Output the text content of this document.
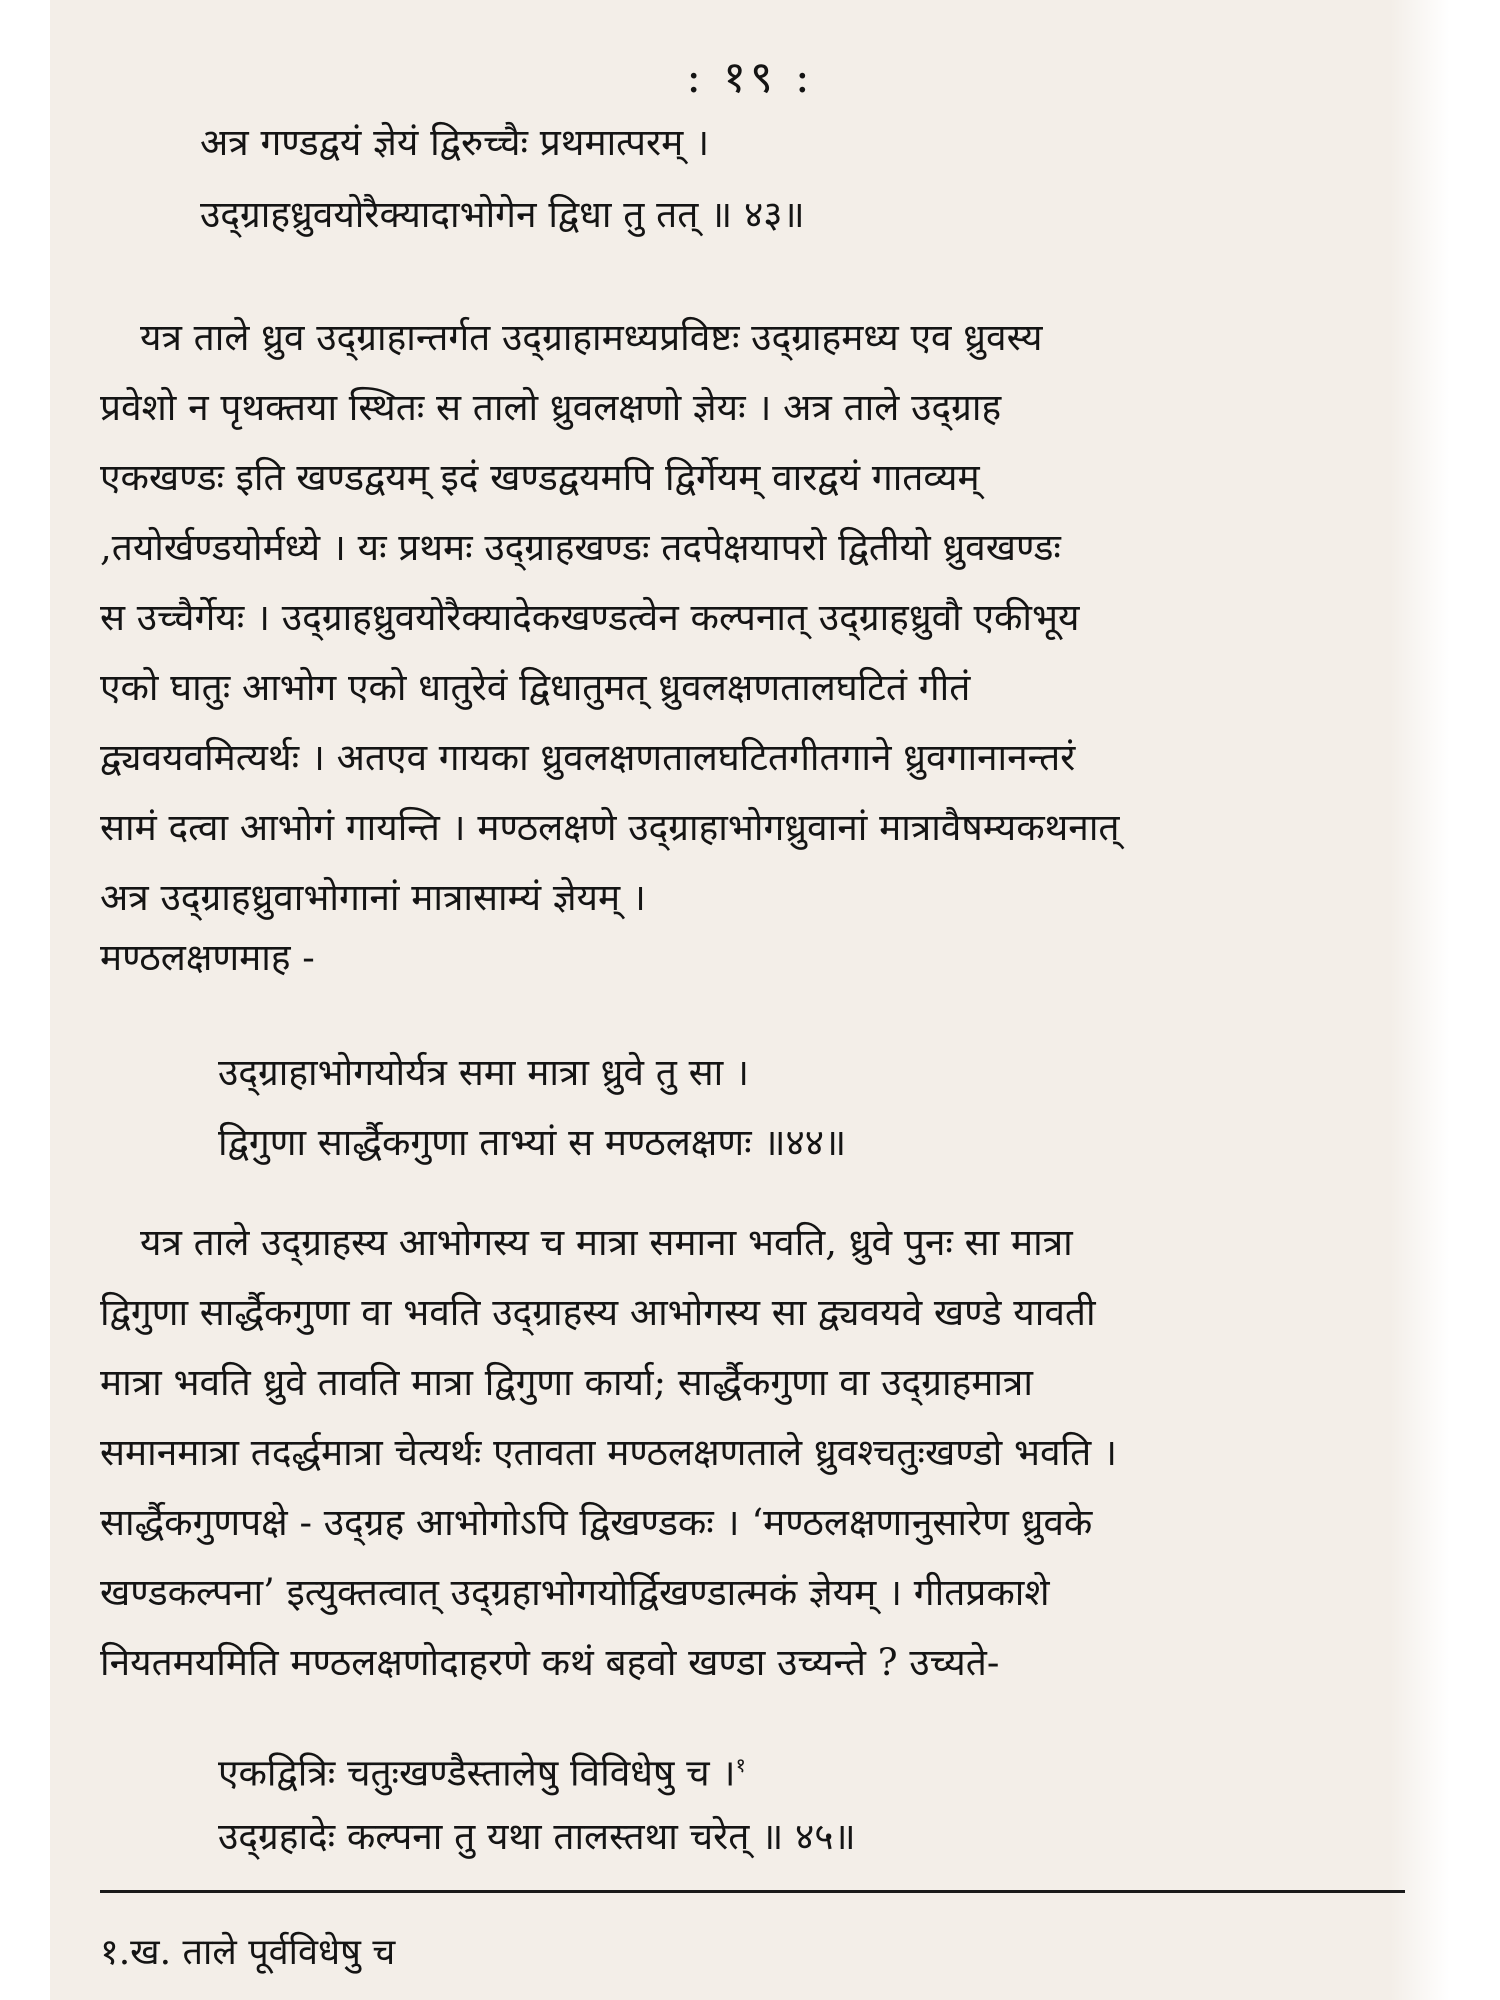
: १९ :
अत्र गण्डद्वयं ज्ञेयं द्विरुच्चैः प्रथमात्परम् ।
उद्ग्राहध्रुवयोरैक्यादाभोगेन द्विधा तु तत् ॥ ४३॥
यत्र ताले ध्रुव उद्ग्राहान्तर्गत उद्ग्राहामध्यप्रविष्टः उद्ग्राहमध्य एव ध्रुवस्य
प्रवेशो न पृथक्तया स्थितः स तालो ध्रुवलक्षणो ज्ञेयः । अत्र ताले उद्ग्राह
एकखण्डः इति खण्डद्वयम् इदं खण्डद्वयमपि द्विर्गेयम् वारद्वयं गातव्यम्
,तयोर्खण्डयोर्मध्ये । यः प्रथमः उद्ग्राहखण्डः तदपेक्षयापरो द्वितीयो ध्रुवखण्डः
स उच्चैर्गेयः । उद्ग्राहध्रुवयोरैक्यादेकखण्डत्वेन कल्पनात् उद्ग्राहध्रुवौ एकीभूय
एको घातुः आभोग एको धातुरेवं द्विधातुमत् ध्रुवलक्षणतालघटितं गीतं
द्व्यवयवमित्यर्थः । अतएव गायका ध्रुवलक्षणतालघटितगीतगाने ध्रुवगानानन्तरं
सामं दत्वा आभोगं गायन्ति । मण्ठलक्षणे उद्ग्राहाभोगध्रुवानां मात्रावैषम्यकथनात्
अत्र उद्ग्राहध्रुवाभोगानां मात्रासाम्यं ज्ञेयम् ।
मण्ठलक्षणमाह -
उद्ग्राहाभोगयोर्यत्र समा मात्रा ध्रुवे तु सा ।
द्विगुणा सार्द्धैकगुणा ताभ्यां स मण्ठलक्षणः ॥४४॥
यत्र ताले उद्ग्राहस्य आभोगस्य च मात्रा समाना भवति, ध्रुवे पुनः सा मात्रा
द्विगुणा सार्द्धैकगुणा वा भवति उद्ग्राहस्य आभोगस्य सा द्व्यवयवे खण्डे यावती
मात्रा भवति ध्रुवे तावति मात्रा द्विगुणा कार्या; सार्द्धैकगुणा वा उद्ग्राहमात्रा
समानमात्रा तदर्द्धमात्रा चेत्यर्थः एतावता मण्ठलक्षणताले ध्रुवश्चतुःखण्डो भवति ।
सार्द्धैकगुणपक्षे - उद्ग्रह आभोगोऽपि द्विखण्डकः । ‘मण्ठलक्षणानुसारेण ध्रुवके
खण्डकल्पना’ इत्युक्तत्वात् उद्ग्रहाभोगयोर्द्विखण्डात्मकं ज्ञेयम् । गीतप्रकाशे
नियतमयमिति मण्ठलक्षणोदाहरणे कथं बहवो खण्डा उच्यन्ते ? उच्यते-
एकद्वित्रिः चतुःखण्डैस्तालेषु विविधेषु च ।$^१$
उद्ग्रहादेः कल्पना तु यथा तालस्तथा चरेत् ॥ ४५॥
१.ख. ताले पूर्वविधेषु च
